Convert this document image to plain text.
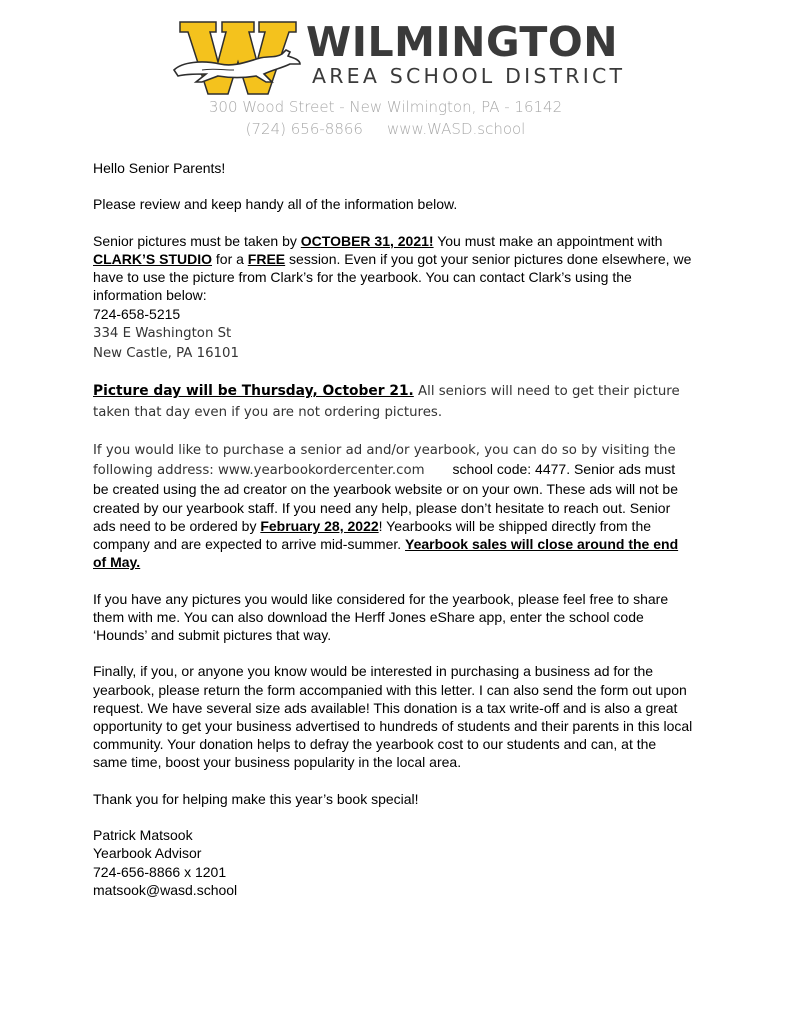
WILMINGTON
AREA SCHOOL DISTRICT
300 Wood Street - New Wilmington, PA - 16142
(724) 656-8866 www.WASD.school

Hello Senior Parents!

Please review and keep handy all of the information below.

Senior pictures must be taken by OCTOBER 31, 2021! You must make an appointment with CLARK’S STUDIO for a FREE session. Even if you got your senior pictures done elsewhere, we have to use the picture from Clark’s for the yearbook. You can contact Clark’s using the information below:
724-658-5215
334 E Washington St
New Castle, PA 16101

Picture day will be Thursday, October 21. All seniors will need to get their picture taken that day even if you are not ordering pictures.

If you would like to purchase a senior ad and/or yearbook, you can do so by visiting the following address: www.yearbookordercenter.com school code: 4477. Senior ads must be created using the ad creator on the yearbook website or on your own. These ads will not be created by our yearbook staff. If you need any help, please don’t hesitate to reach out. Senior ads need to be ordered by February 28, 2022! Yearbooks will be shipped directly from the company and are expected to arrive mid-summer. Yearbook sales will close around the end of May.

If you have any pictures you would like considered for the yearbook, please feel free to share them with me. You can also download the Herff Jones eShare app, enter the school code ‘Hounds’ and submit pictures that way.

Finally, if you, or anyone you know would be interested in purchasing a business ad for the yearbook, please return the form accompanied with this letter. I can also send the form out upon request. We have several size ads available! This donation is a tax write-off and is also a great opportunity to get your business advertised to hundreds of students and their parents in this local community. Your donation helps to defray the yearbook cost to our students and can, at the same time, boost your business popularity in the local area.

Thank you for helping make this year’s book special!

Patrick Matsook
Yearbook Advisor
724-656-8866 x 1201
matsook@wasd.school
